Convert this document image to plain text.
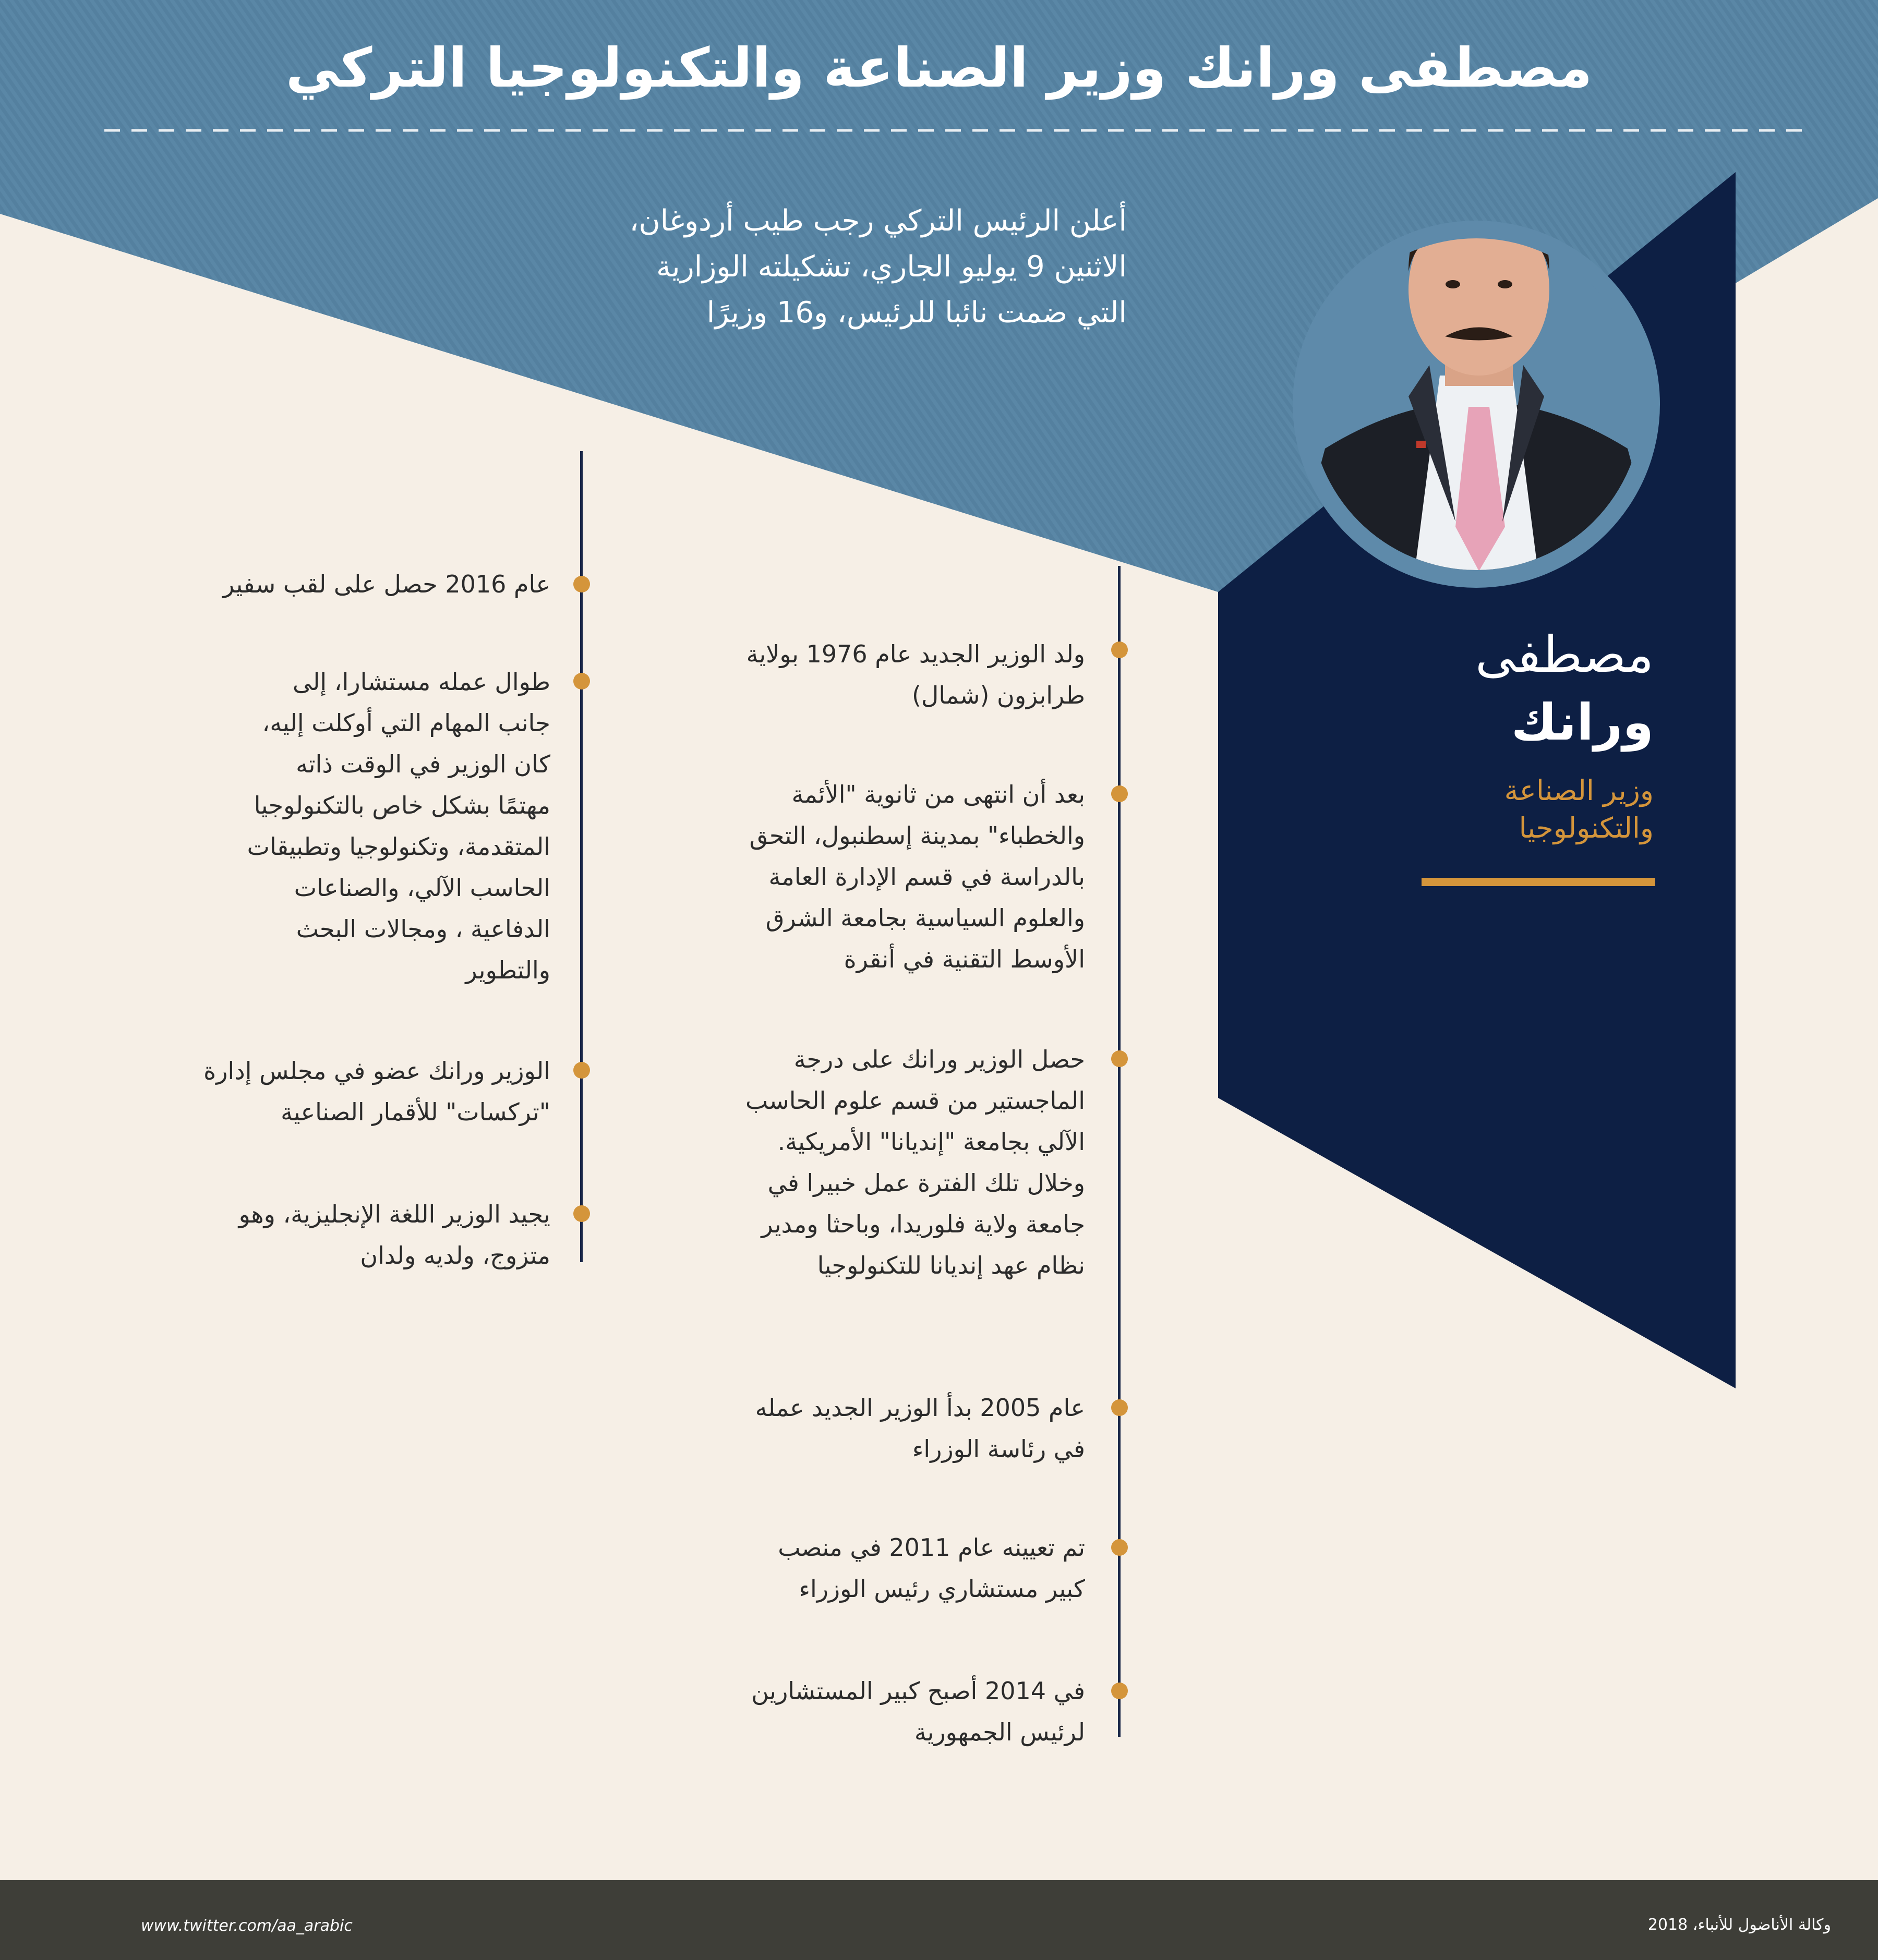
مصطفى ورانك وزير الصناعة والتكنولوجيا التركي
أعلن الرئيس التركي رجب طيب أردوغان،
الاثنين 9 يوليو الجاري، تشكيلته الوزارية
التي ضمت نائبا للرئيس، و16 وزيرًا
مصطفى
ورانك
وزير الصناعة
والتكنولوجيا
ولد الوزير الجديد عام 1976 بولاية
طرابزون (شمال)
بعد أن انتهى من ثانوية "الأئمة
والخطباء" بمدينة إسطنبول، التحق
بالدراسة في قسم الإدارة العامة
والعلوم السياسية بجامعة الشرق
الأوسط التقنية في أنقرة
حصل الوزير ورانك على درجة
الماجستير من قسم علوم الحاسب
الآلي بجامعة "إنديانا" الأمريكية.
وخلال تلك الفترة عمل خبيرا في
جامعة ولاية فلوريدا، وباحثا ومدير
نظام عهد إنديانا للتكنولوجيا
عام 2005 بدأ الوزير الجديد عمله
في رئاسة الوزراء
تم تعيينه عام 2011 في منصب
كبير مستشاري رئيس الوزراء
في 2014 أصبح كبير المستشارين
لرئيس الجمهورية
عام 2016 حصل على لقب سفير
طوال عمله مستشارا، إلى
جانب المهام التي أوكلت إليه،
كان الوزير في الوقت ذاته
مهتمًا بشكل خاص بالتكنولوجيا
المتقدمة، وتكنولوجيا وتطبيقات
الحاسب الآلي، والصناعات
الدفاعية ، ومجالات البحث
والتطوير
الوزير ورانك عضو في مجلس إدارة
"تركسات" للأقمار الصناعية
يجيد الوزير اللغة الإنجليزية، وهو
متزوج، ولديه ولدان
www.twitter.com/aa_arabic	وكالة الأناضول للأنباء، 2018
